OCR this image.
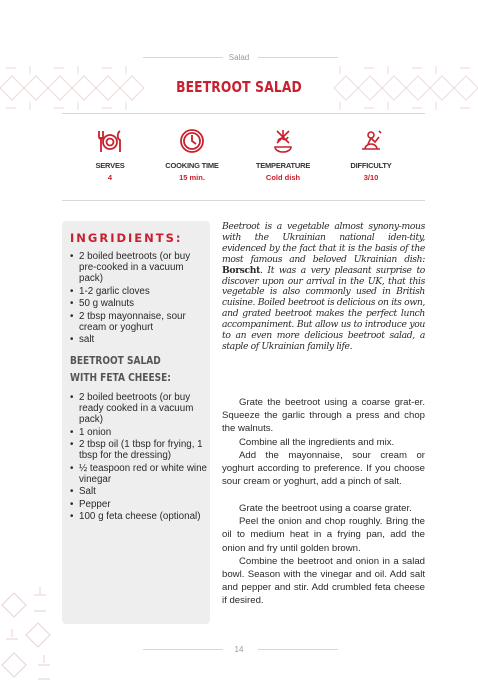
Salad
BEETROOT SALAD
SERVES
4
COOKING TIME
15 min.
TEMPERATURE
Cold dish
DIFFICULTY
3/10
INGRIDIENTS:
• 2 boiled beetroots (or buy pre-cooked in a vacuum pack)
• 1-2 garlic cloves
• 50 g walnuts
• 2 tbsp mayonnaise, sour cream or yoghurt
• salt
BEETROOT SALAD WITH FETA CHEESE:
• 2 boiled beetroots (or buy ready cooked in a vacuum pack)
• 1 onion
• 2 tbsp oil (1 tbsp for frying, 1 tbsp for the dressing)
• ½ teaspoon red or white wine vinegar
• Salt
• Pepper
• 100 g feta cheese (optional)

Beetroot is a vegetable almost synony-mous with the Ukrainian national iden-tity, evidenced by the fact that it is the basis of the most famous and beloved Ukrainian dish: Borscht. It was a very pleasant surprise to discover upon our arrival in the UK, that this vegetable is also commonly used in British cuisine. Boiled beetroot is delicious on its own, and grated beetroot makes the perfect lunch accompaniment. But allow us to introduce you to an even more delicious beetroot salad, a staple of Ukrainian family life.

Grate the beetroot using a coarse grat-er. Squeeze the garlic through a press and chop the walnuts.

Combine all the ingredients and mix.

Add the mayonnaise, sour cream or yoghurt according to preference. If you choose sour cream or yoghurt, add a pinch of salt.

Grate the beetroot using a coarse grater.

Peel the onion and chop roughly. Bring the oil to medium heat in a frying pan, add the onion and fry until golden brown.

Combine the beetroot and onion in a salad bowl. Season with the vinegar and oil. Add salt and pepper and stir. Add crumbled feta cheese if desired.

14
